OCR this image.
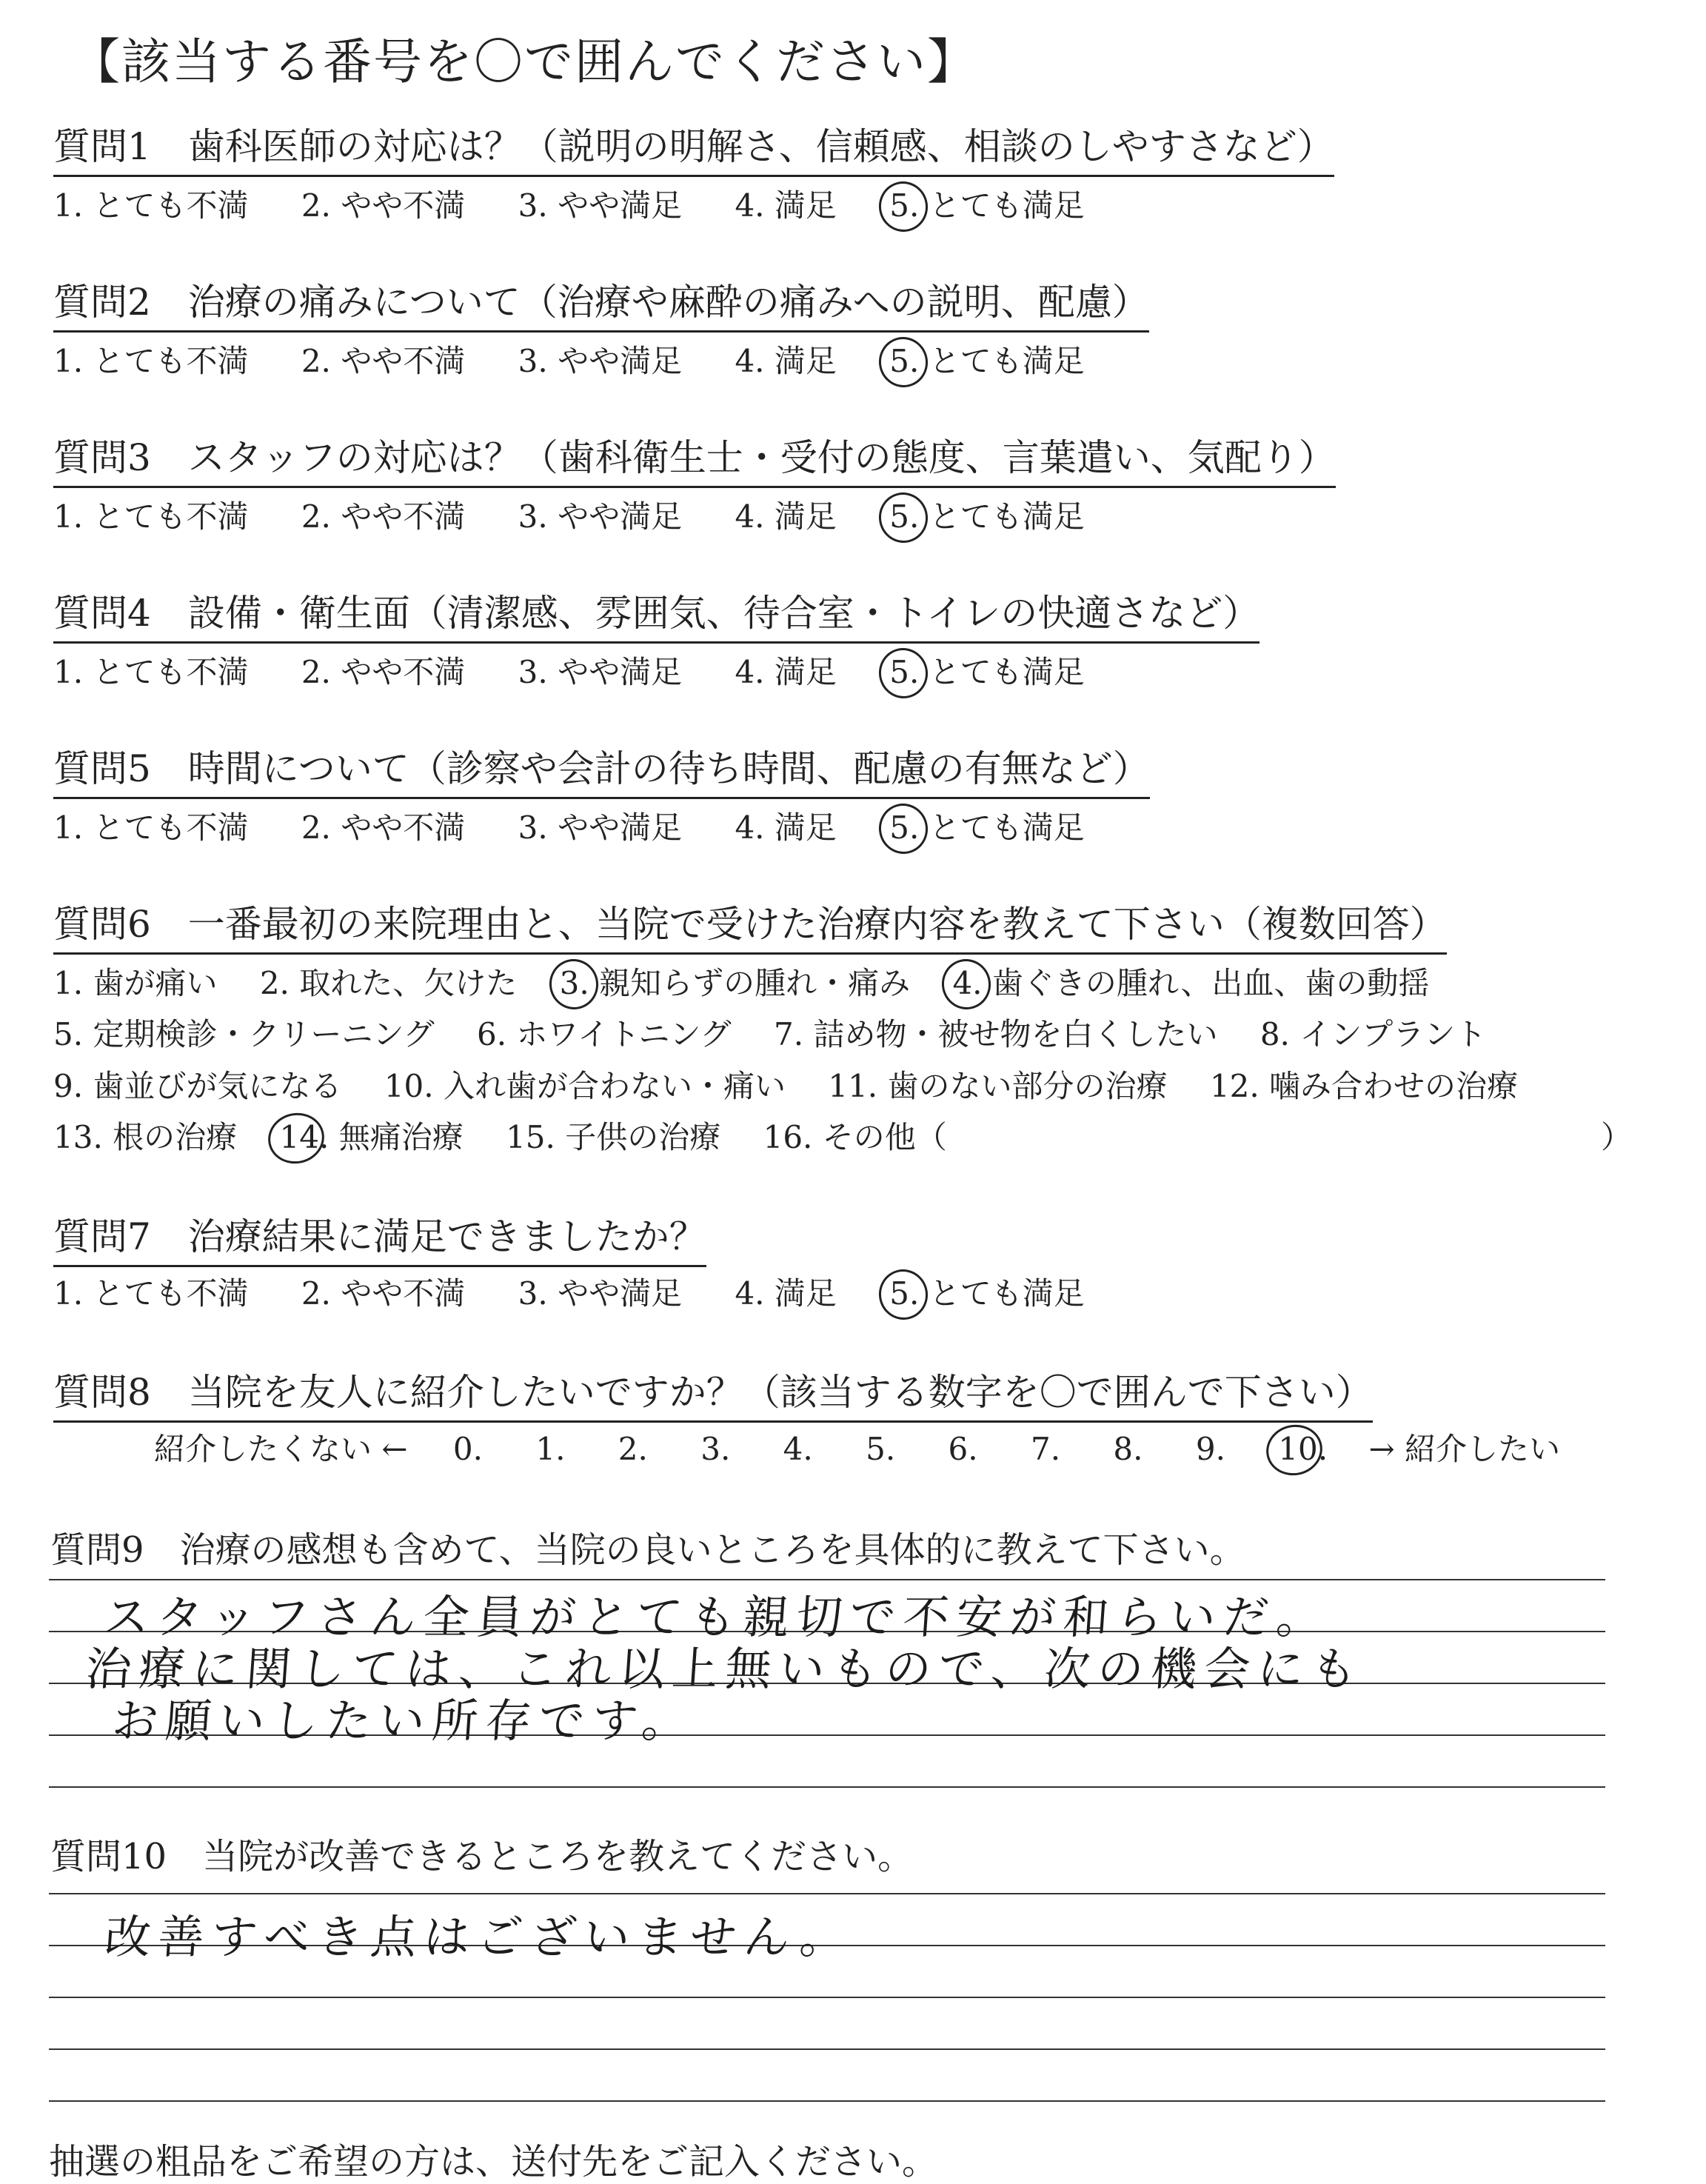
【該当する番号を〇で囲んでください】
質問1　歯科医師の対応は？（説明の明解さ、信頼感、相談のしやすさなど）
1. とても不満 2. やや不満 3. やや満足 4. 満足 5. とても満足
質問2　治療の痛みについて（治療や麻酔の痛みへの説明、配慮）
1. とても不満 2. やや不満 3. やや満足 4. 満足 5. とても満足
質問3　スタッフの対応は？（歯科衛生士・受付の態度、言葉遣い、気配り）
1. とても不満 2. やや不満 3. やや満足 4. 満足 5. とても満足
質問4　設備・衛生面（清潔感、雰囲気、待合室・トイレの快適さなど）
1. とても不満 2. やや不満 3. やや満足 4. 満足 5. とても満足
質問5　時間について（診察や会計の待ち時間、配慮の有無など）
1. とても不満 2. やや不満 3. やや満足 4. 満足 5. とても満足
質問6　一番最初の来院理由と、当院で受けた治療内容を教えて下さい（複数回答）
1. 歯が痛い 2. 取れた、欠けた 3. 親知らずの腫れ・痛み 4. 歯ぐきの腫れ、出血、歯の動揺
5. 定期検診・クリーニング 6. ホワイトニング 7. 詰め物・被せ物を白くしたい 8. インプラント
9. 歯並びが気になる 10. 入れ歯が合わない・痛い 11. 歯のない部分の治療 12. 噛み合わせの治療
13. 根の治療 14. 無痛治療 15. 子供の治療 16. その他（	）
質問7　治療結果に満足できましたか？
1. とても不満 2. やや不満 3. やや満足 4. 満足 5. とても満足
質問8　当院を友人に紹介したいですか？（該当する数字を〇で囲んで下さい）
紹介したくない ← 0. 1. 2. 3. 4. 5. 6. 7. 8. 9. 10. → 紹介したい
質問9　治療の感想も含めて、当院の良いところを具体的に教えて下さい。
スタッフさん全員がとても親切で不安が和らいだ。
治療に関しては、これ以上無いもので、次の機会にも
お願いしたい所存です。
質問10　当院が改善できるところを教えてください。
改善すべき点はございません。
抽選の粗品をご希望の方は、送付先をご記入ください。
